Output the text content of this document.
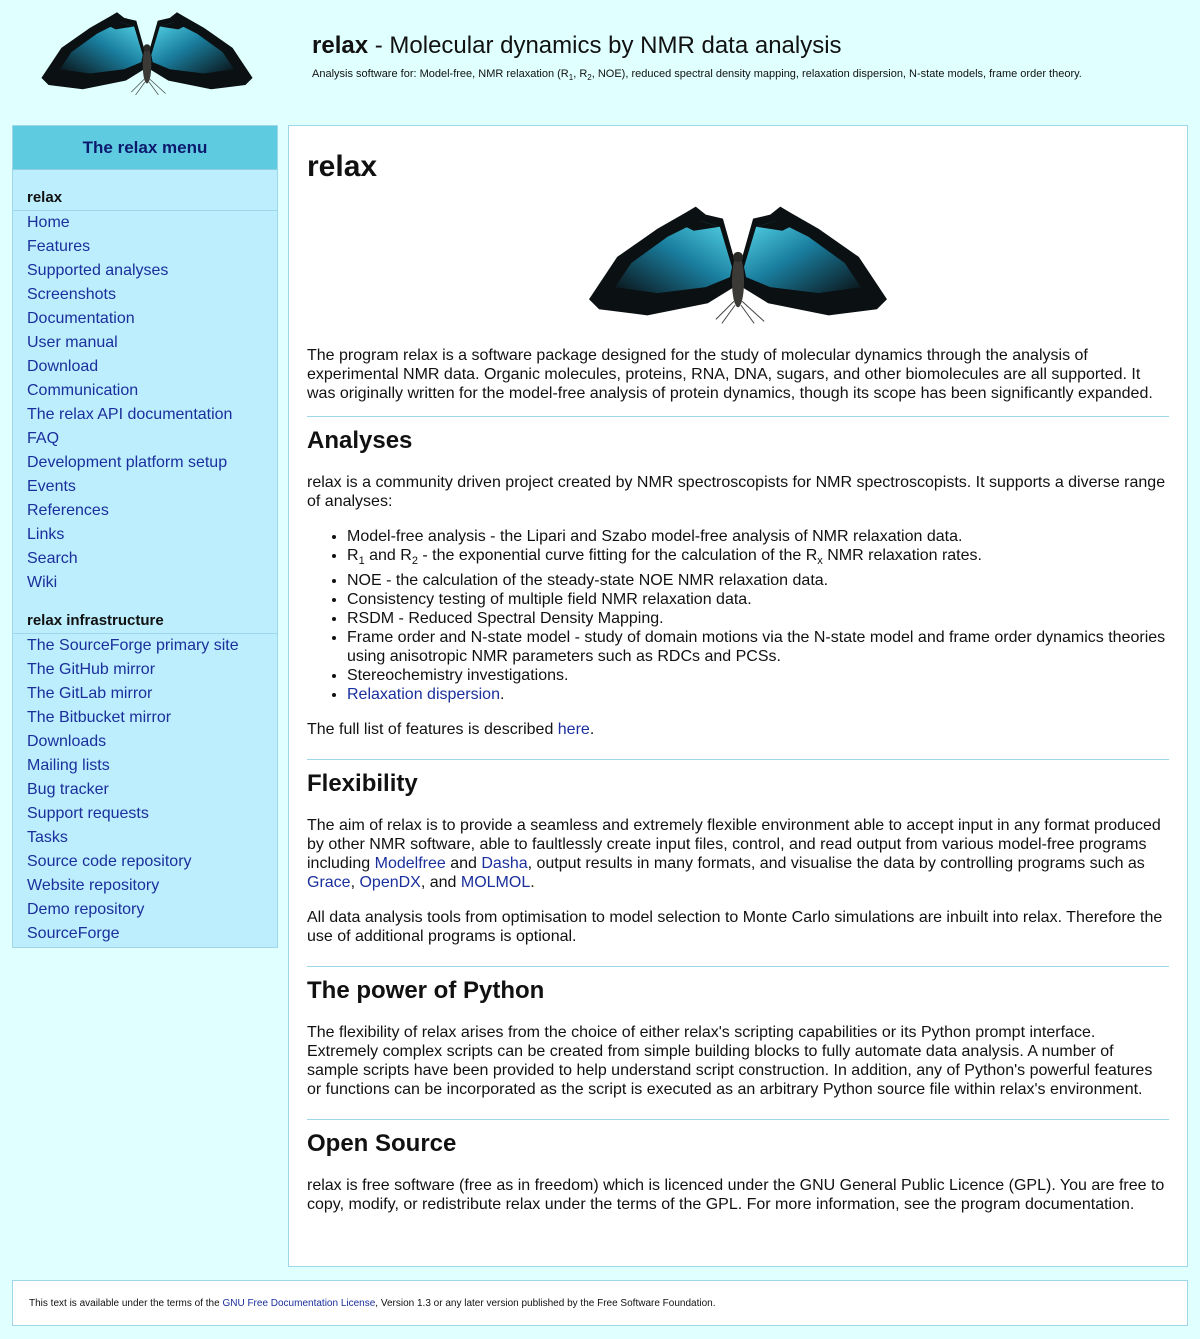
relax - Molecular dynamics by NMR data analysis
Analysis software for: Model-free, NMR relaxation ($R_1$, $R_2$, NOE), reduced spectral density mapping, relaxation dispersion, N-state models, frame order theory.
The relax menu
relax
Home
Features
Supported analyses
Screenshots
Documentation
User manual
Download
Communication
The relax API documentation
FAQ
Development platform setup
Events
References
Links
Search
Wiki
relax infrastructure
The SourceForge primary site
The GitHub mirror
The GitLab mirror
The Bitbucket mirror
Downloads
Mailing lists
Bug tracker
Support requests
Tasks
Source code repository
Website repository
Demo repository
SourceForge
relax

The program relax is a software package designed for the study of molecular dynamics through the analysis of experimental NMR data. Organic molecules, proteins, RNA, DNA, sugars, and other biomolecules are all supported. It was originally written for the model-free analysis of protein dynamics, though its scope has been significantly expanded.

Analyses

relax is a community driven project created by NMR spectroscopists for NMR spectroscopists. It supports a diverse range of analyses:

• Model-free analysis - the Lipari and Szabo model-free analysis of NMR relaxation data.
• $R_1$ and $R_2$ - the exponential curve fitting for the calculation of the $R_x$ NMR relaxation rates.
• NOE - the calculation of the steady-state NOE NMR relaxation data.
• Consistency testing of multiple field NMR relaxation data.
• RSDM - Reduced Spectral Density Mapping.
• Frame order and N-state model - study of domain motions via the N-state model and frame order dynamics theories using anisotropic NMR parameters such as RDCs and PCSs.
• Stereochemistry investigations.
• Relaxation dispersion.

The full list of features is described here.

Flexibility

The aim of relax is to provide a seamless and extremely flexible environment able to accept input in any format produced by other NMR software, able to faultlessly create input files, control, and read output from various model-free programs including Modelfree and Dasha, output results in many formats, and visualise the data by controlling programs such as Grace, OpenDX, and MOLMOL.

All data analysis tools from optimisation to model selection to Monte Carlo simulations are inbuilt into relax. Therefore the use of additional programs is optional.

The power of Python

The flexibility of relax arises from the choice of either relax's scripting capabilities or its Python prompt interface. Extremely complex scripts can be created from simple building blocks to fully automate data analysis. A number of sample scripts have been provided to help understand script construction. In addition, any of Python's powerful features or functions can be incorporated as the script is executed as an arbitrary Python source file within relax's environment.

Open Source

relax is free software (free as in freedom) which is licenced under the GNU General Public Licence (GPL). You are free to copy, modify, or redistribute relax under the terms of the GPL. For more information, see the program documentation.

This text is available under the terms of the GNU Free Documentation License, Version 1.3 or any later version published by the Free Software Foundation.
